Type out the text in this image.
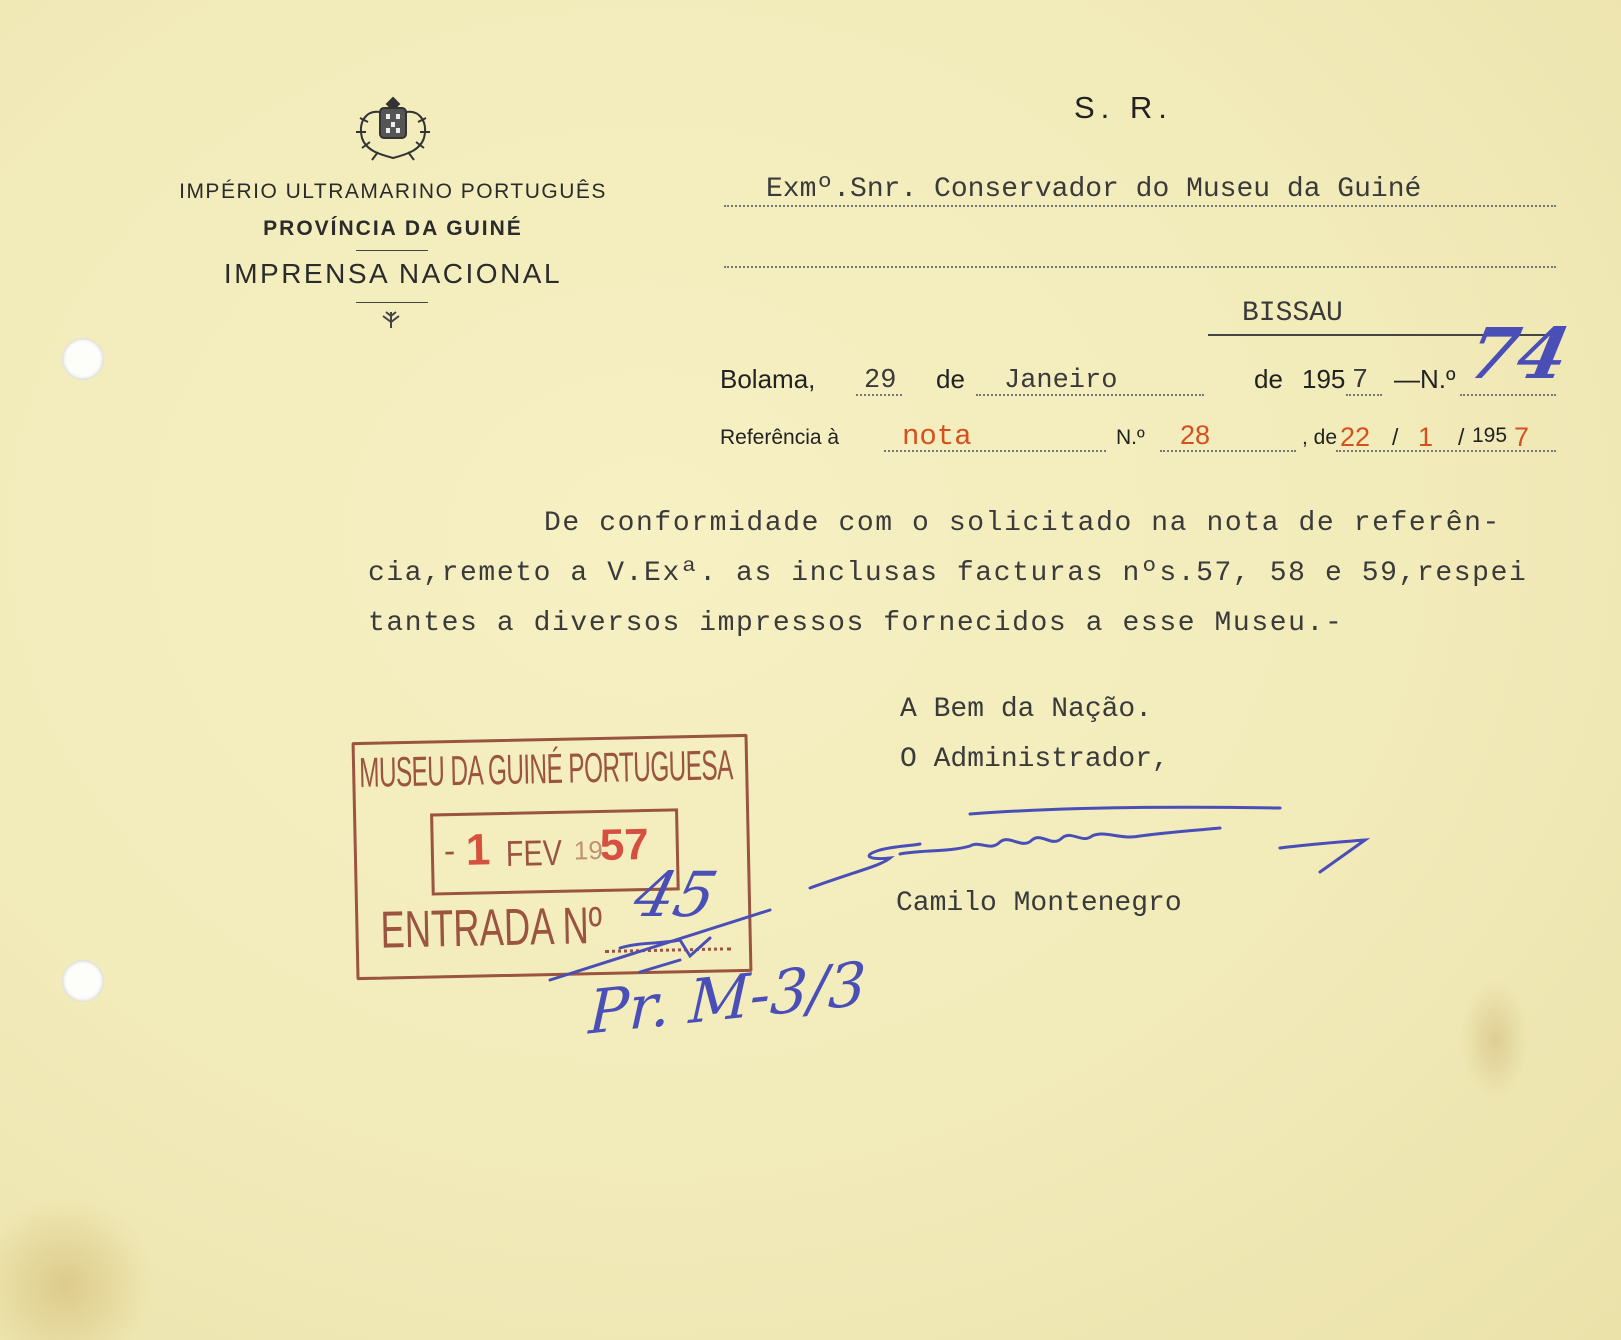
IMPÉRIO ULTRAMARINO PORTUGUÊS
PROVÍNCIA DA GUINÉ
IMPRENSA NACIONAL
S. R.
Exmº.Snr. Conservador do Museu da Guiné
BISSAU
Bolama, 29 de Janeiro	de 195 7 —N.º 74
Referência à nota	N.º 28	, de 22 / 1 / 195 7
De conformidade com o solicitado na nota de referên-
cia,remeto a V.Exª. as inclusas facturas nºs.57, 58 e 59,respei
tantes a diversos impressos fornecidos a esse Museu.-
A Bem da Nação.
O Administrador,
Camilo Montenegro
MUSEU DA GUINÉ PORTUGUESA
- 1 FEV 19
57
ENTRADA Nº 45
Pr. M-3/3
